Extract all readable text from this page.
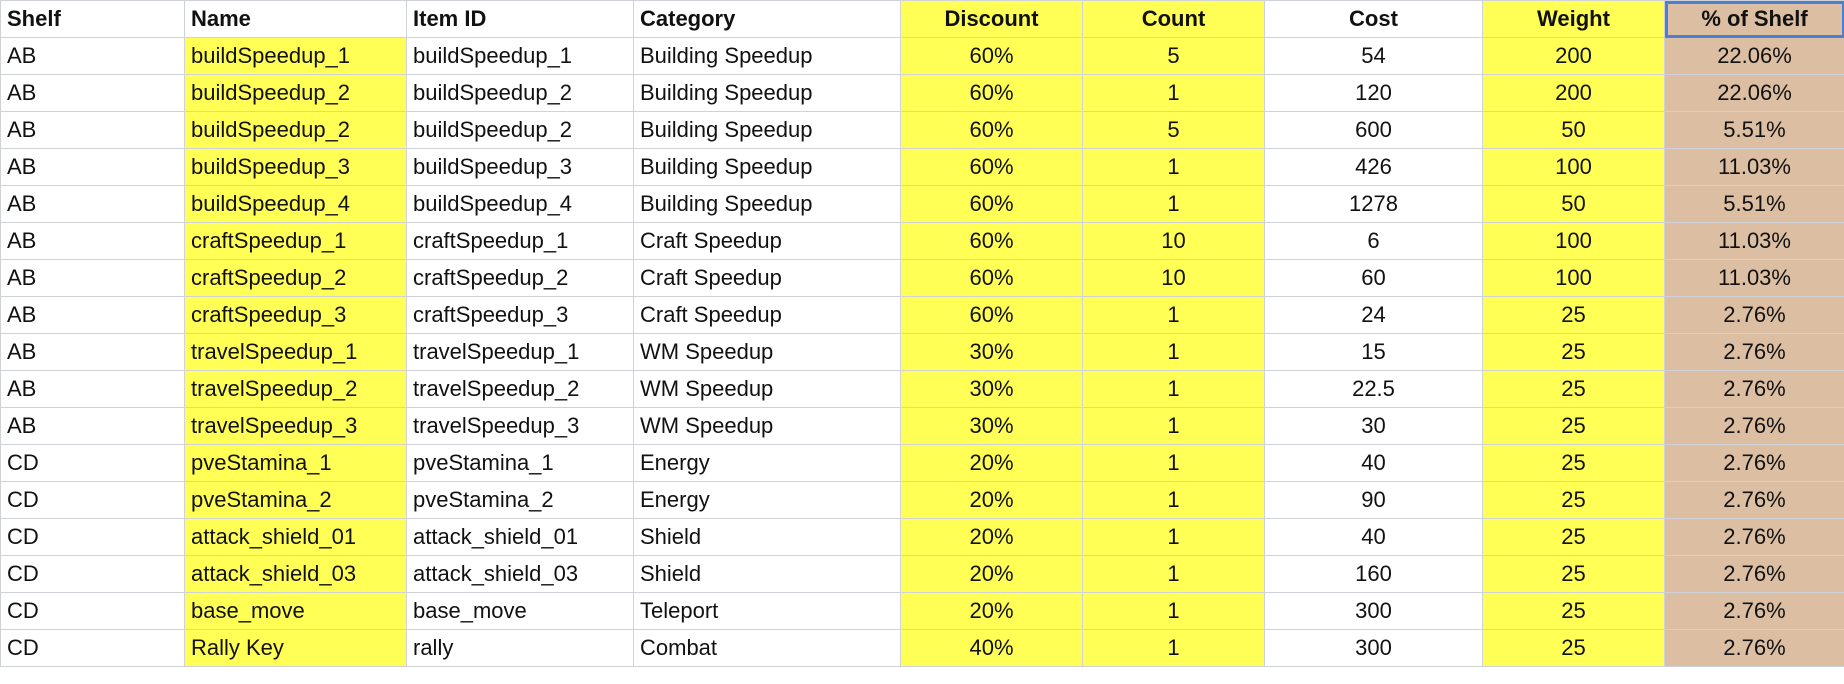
Shelf	Name	Item ID	Category	Discount	Count	Cost	Weight	% of Shelf
AB	buildSpeedup_1	buildSpeedup_1	Building Speedup	60%	5	54	200	22.06%
AB	buildSpeedup_2	buildSpeedup_2	Building Speedup	60%	1	120	200	22.06%
AB	buildSpeedup_2	buildSpeedup_2	Building Speedup	60%	5	600	50	5.51%
AB	buildSpeedup_3	buildSpeedup_3	Building Speedup	60%	1	426	100	11.03%
AB	buildSpeedup_4	buildSpeedup_4	Building Speedup	60%	1	1278	50	5.51%
AB	craftSpeedup_1	craftSpeedup_1	Craft Speedup	60%	10	6	100	11.03%
AB	craftSpeedup_2	craftSpeedup_2	Craft Speedup	60%	10	60	100	11.03%
AB	craftSpeedup_3	craftSpeedup_3	Craft Speedup	60%	1	24	25	2.76%
AB	travelSpeedup_1	travelSpeedup_1	WM Speedup	30%	1	15	25	2.76%
AB	travelSpeedup_2	travelSpeedup_2	WM Speedup	30%	1	22.5	25	2.76%
AB	travelSpeedup_3	travelSpeedup_3	WM Speedup	30%	1	30	25	2.76%
CD	pveStamina_1	pveStamina_1	Energy	20%	1	40	25	2.76%
CD	pveStamina_2	pveStamina_2	Energy	20%	1	90	25	2.76%
CD	attack_shield_01	attack_shield_01	Shield	20%	1	40	25	2.76%
CD	attack_shield_03	attack_shield_03	Shield	20%	1	160	25	2.76%
CD	base_move	base_move	Teleport	20%	1	300	25	2.76%
CD	Rally Key	rally	Combat	40%	1	300	25	2.76%
